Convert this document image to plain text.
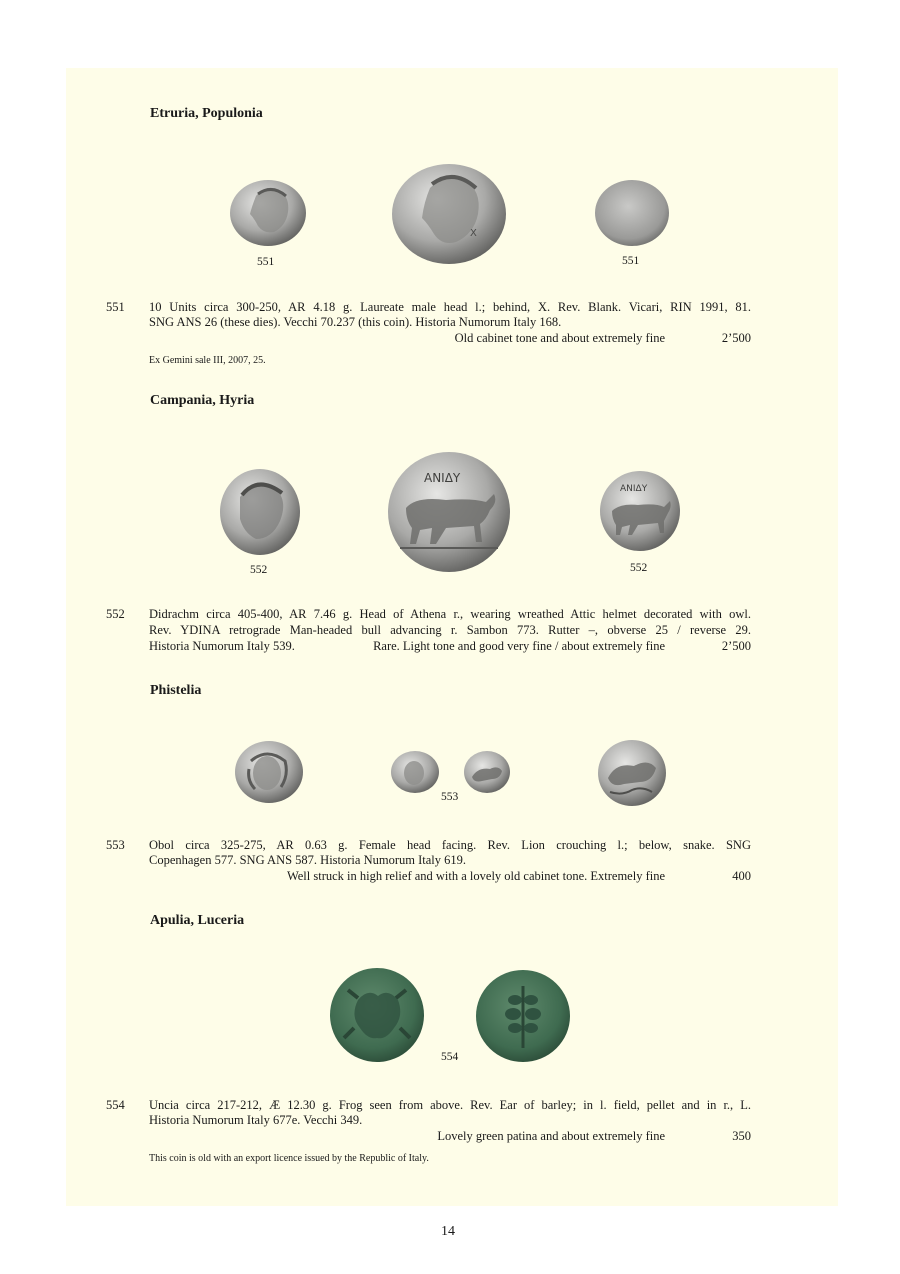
Etruria, Populonia
551
X
551
551 10 Units circa 300-250, AR 4.18 g. Laureate male head l.; behind, X. Rev. Blank. Vicari, RIN 1991, 81.
SNG ANS 26 (these dies). Vecchi 70.237 (this coin). Historia Numorum Italy 168.
Old cabinet tone and about extremely fine	2’500
Ex Gemini sale III, 2007, 25.
Campania, Hyria
552
ΑΝΙΔΥ
ΑΝΙΔΥ
552
552 Didrachm circa 405-400, AR 7.46 g. Head of Athena r., wearing wreathed Attic helmet decorated with owl.
Rev. YDINA retrograde Man-headed bull advancing r. Sambon 773. Rutter –, obverse 25 / reverse 29.
Historia Numorum Italy 539.	Rare. Light tone and good very fine / about extremely fine	2’500
Phistelia
553
553 Obol circa 325-275, AR 0.63 g. Female head facing. Rev. Lion crouching l.; below, snake. SNG
Copenhagen 577. SNG ANS 587. Historia Numorum Italy 619.
Well struck in high relief and with a lovely old cabinet tone. Extremely fine	400
Apulia, Luceria
554
554 Uncia circa 217-212, Æ 12.30 g. Frog seen from above. Rev. Ear of barley; in l. field, pellet and in r., L.
Historia Numorum Italy 677e. Vecchi 349.
Lovely green patina and about extremely fine	350
This coin is old with an export licence issued by the Republic of Italy.
14
